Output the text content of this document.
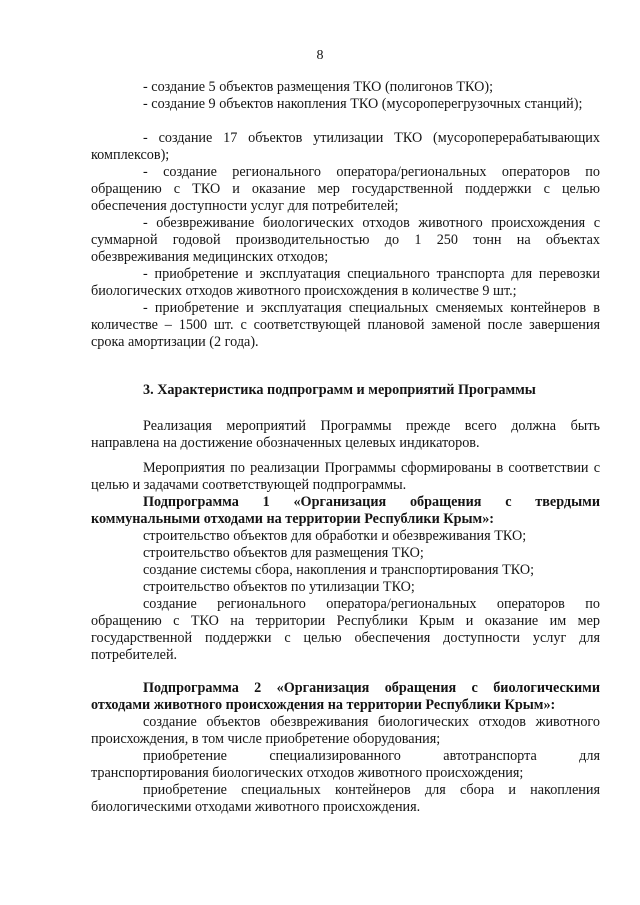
8
- создание 5 объектов размещения ТКО (полигонов ТКО);
- создание 9 объектов накопления ТКО (мусороперегрузочных станций);
- создание 17 объектов утилизации ТКО (мусороперерабатывающих комплексов);
- создание регионального оператора/региональных операторов по обращению с ТКО и оказание мер государственной поддержки с целью обеспечения доступности услуг для потребителей;
- обезвреживание биологических отходов животного происхождения с суммарной годовой производительностью до 1 250 тонн на объектах обезвреживания медицинских отходов;
- приобретение и эксплуатация специального транспорта для перевозки биологических отходов животного происхождения в количестве 9 шт.;
- приобретение и эксплуатация специальных сменяемых контейнеров в количестве – 1500 шт. с соответствующей плановой заменой после завершения срока амортизации (2 года).
3. Характеристика подпрограмм и мероприятий Программы
Реализация мероприятий Программы прежде всего должна быть направлена на достижение обозначенных целевых индикаторов.
Мероприятия по реализации Программы сформированы в соответствии с целью и задачами соответствующей подпрограммы.
Подпрограмма 1 «Организация обращения с твердыми коммунальными отходами на территории Республики Крым»:
строительство объектов для обработки и обезвреживания ТКО;
строительство объектов для размещения ТКО;
создание системы сбора, накопления и транспортирования ТКО;
строительство объектов по утилизации ТКО;
создание регионального оператора/региональных операторов по обращению с ТКО на территории Республики Крым и оказание им мер государственной поддержки с целью обеспечения доступности услуг для потребителей.
Подпрограмма 2 «Организация обращения с биологическими отходами животного происхождения на территории Республики Крым»:
создание объектов обезвреживания биологических отходов животного происхождения, в том числе приобретение оборудования;
приобретение специализированного автотранспорта для транспортирования биологических отходов животного происхождения;
приобретение специальных контейнеров для сбора и накопления биологическими отходами животного происхождения.
